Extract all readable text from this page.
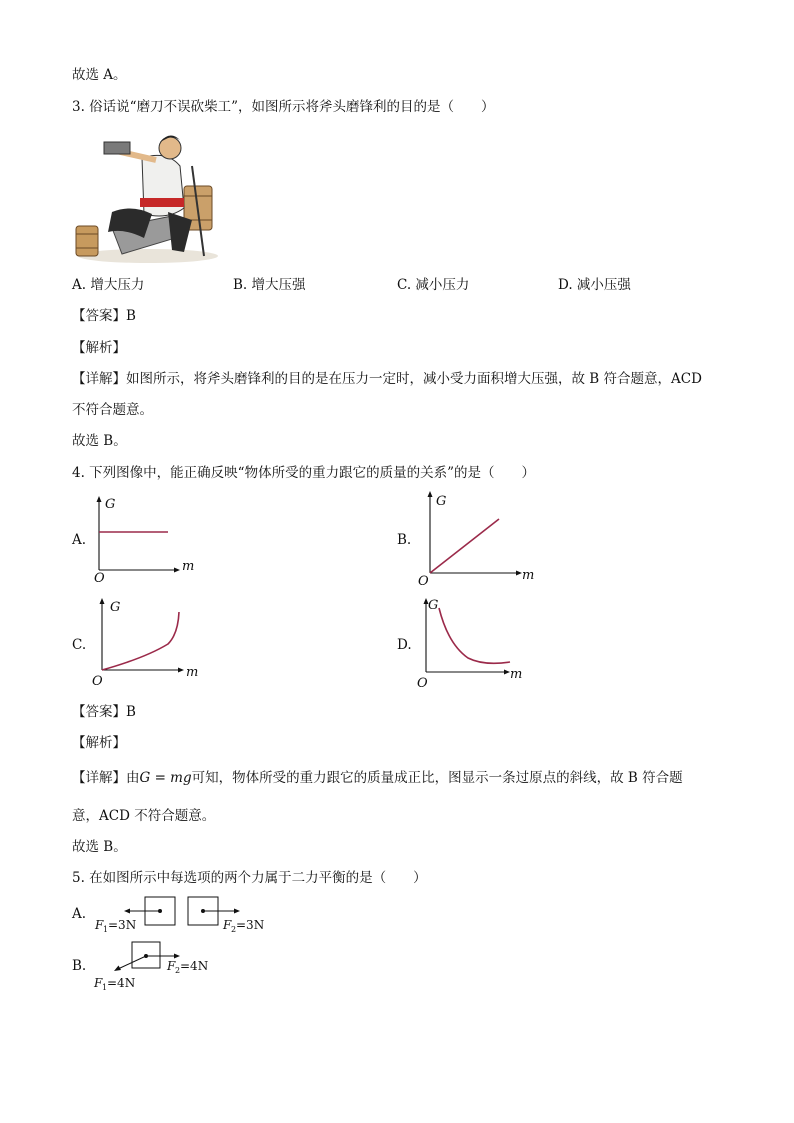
故选 A。
3. 俗话说“磨刀不误砍柴工”，如图所示将斧头磨锋利的目的是（　　）
A. 增大压力	B. 增大压强	C. 减小压力	D. 减小压强
【答案】B
【解析】
【详解】如图所示，将斧头磨锋利的目的是在压力一定时，减小受力面积增大压强，故 B 符合题意，ACD
不符合题意。
故选 B。
4. 下列图像中，能正确反映“物体所受的重力跟它的质量的关系”的是（　　）
A.	B.
C.	D.
G
m
O
G
m
O
G
m
O
G
m
O
【答案】B
【解析】
【详解】由G = mg可知，物体所受的重力跟它的质量成正比，图显示一条过原点的斜线，故 B 符合题
意，ACD 不符合题意。
故选 B。
5. 在如图所示中每选项的两个力属于二力平衡的是（　　）
A.
B.
F 1 =3N	F 2 =3N
F 2 =4N
F 1 =4N
